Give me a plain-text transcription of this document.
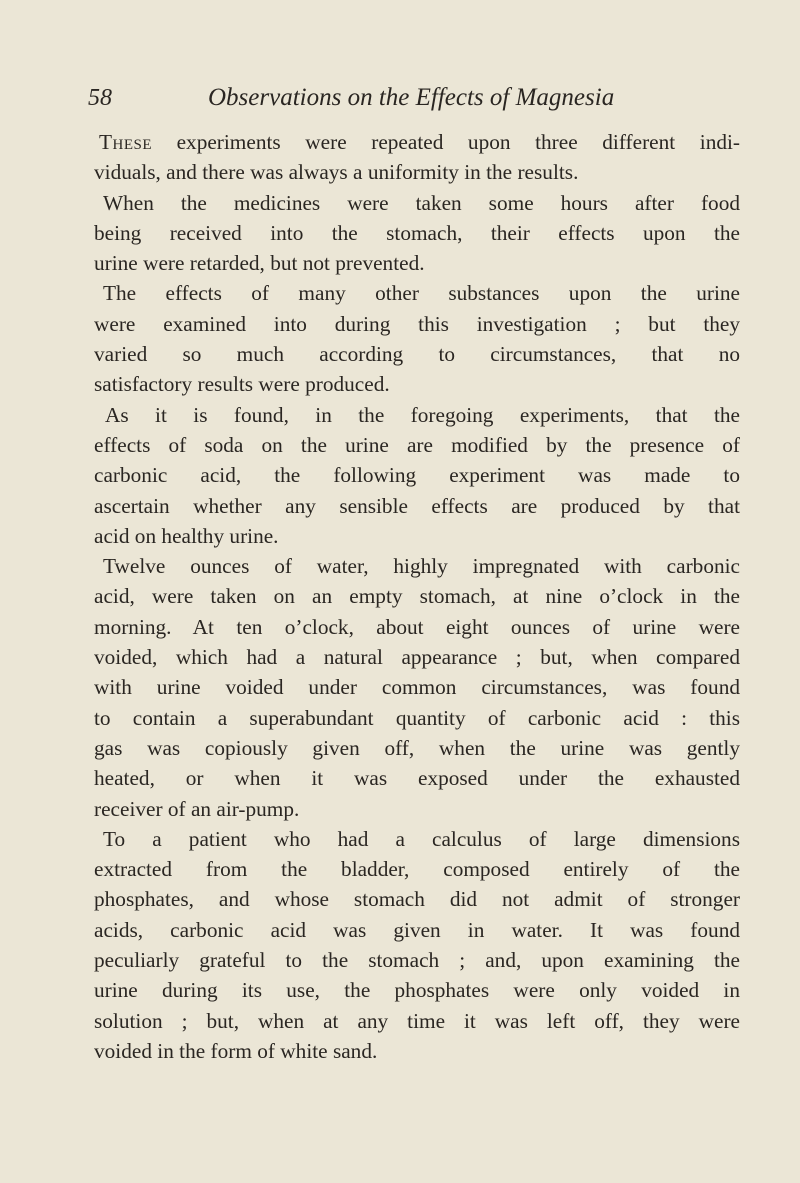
58	Observations on the Effects of Magnesia
These experiments were repeated upon three different indi-
viduals, and there was always a uniformity in the results.
When the medicines were taken some hours after food
being received into the stomach, their effects upon the
urine were retarded, but not prevented.
The effects of many other substances upon the urine
were examined into during this investigation ; but they
varied so much according to circumstances, that no
satisfactory results were produced.
As it is found, in the foregoing experiments, that the
effects of soda on the urine are modified by the presence of
carbonic acid, the following experiment was made to
ascertain whether any sensible effects are produced by that
acid on healthy urine.
Twelve ounces of water, highly impregnated with carbonic
acid, were taken on an empty stomach, at nine o’clock in the
morning. At ten o’clock, about eight ounces of urine were
voided, which had a natural appearance ; but, when compared
with urine voided under common circumstances, was found
to contain a superabundant quantity of carbonic acid : this
gas was copiously given off, when the urine was gently
heated, or when it was exposed under the exhausted
receiver of an air-pump.
To a patient who had a calculus of large dimensions
extracted from the bladder, composed entirely of the
phosphates, and whose stomach did not admit of stronger
acids, carbonic acid was given in water. It was found
peculiarly grateful to the stomach ; and, upon examining the
urine during its use, the phosphates were only voided in
solution ; but, when at any time it was left off, they were
voided in the form of white sand.
